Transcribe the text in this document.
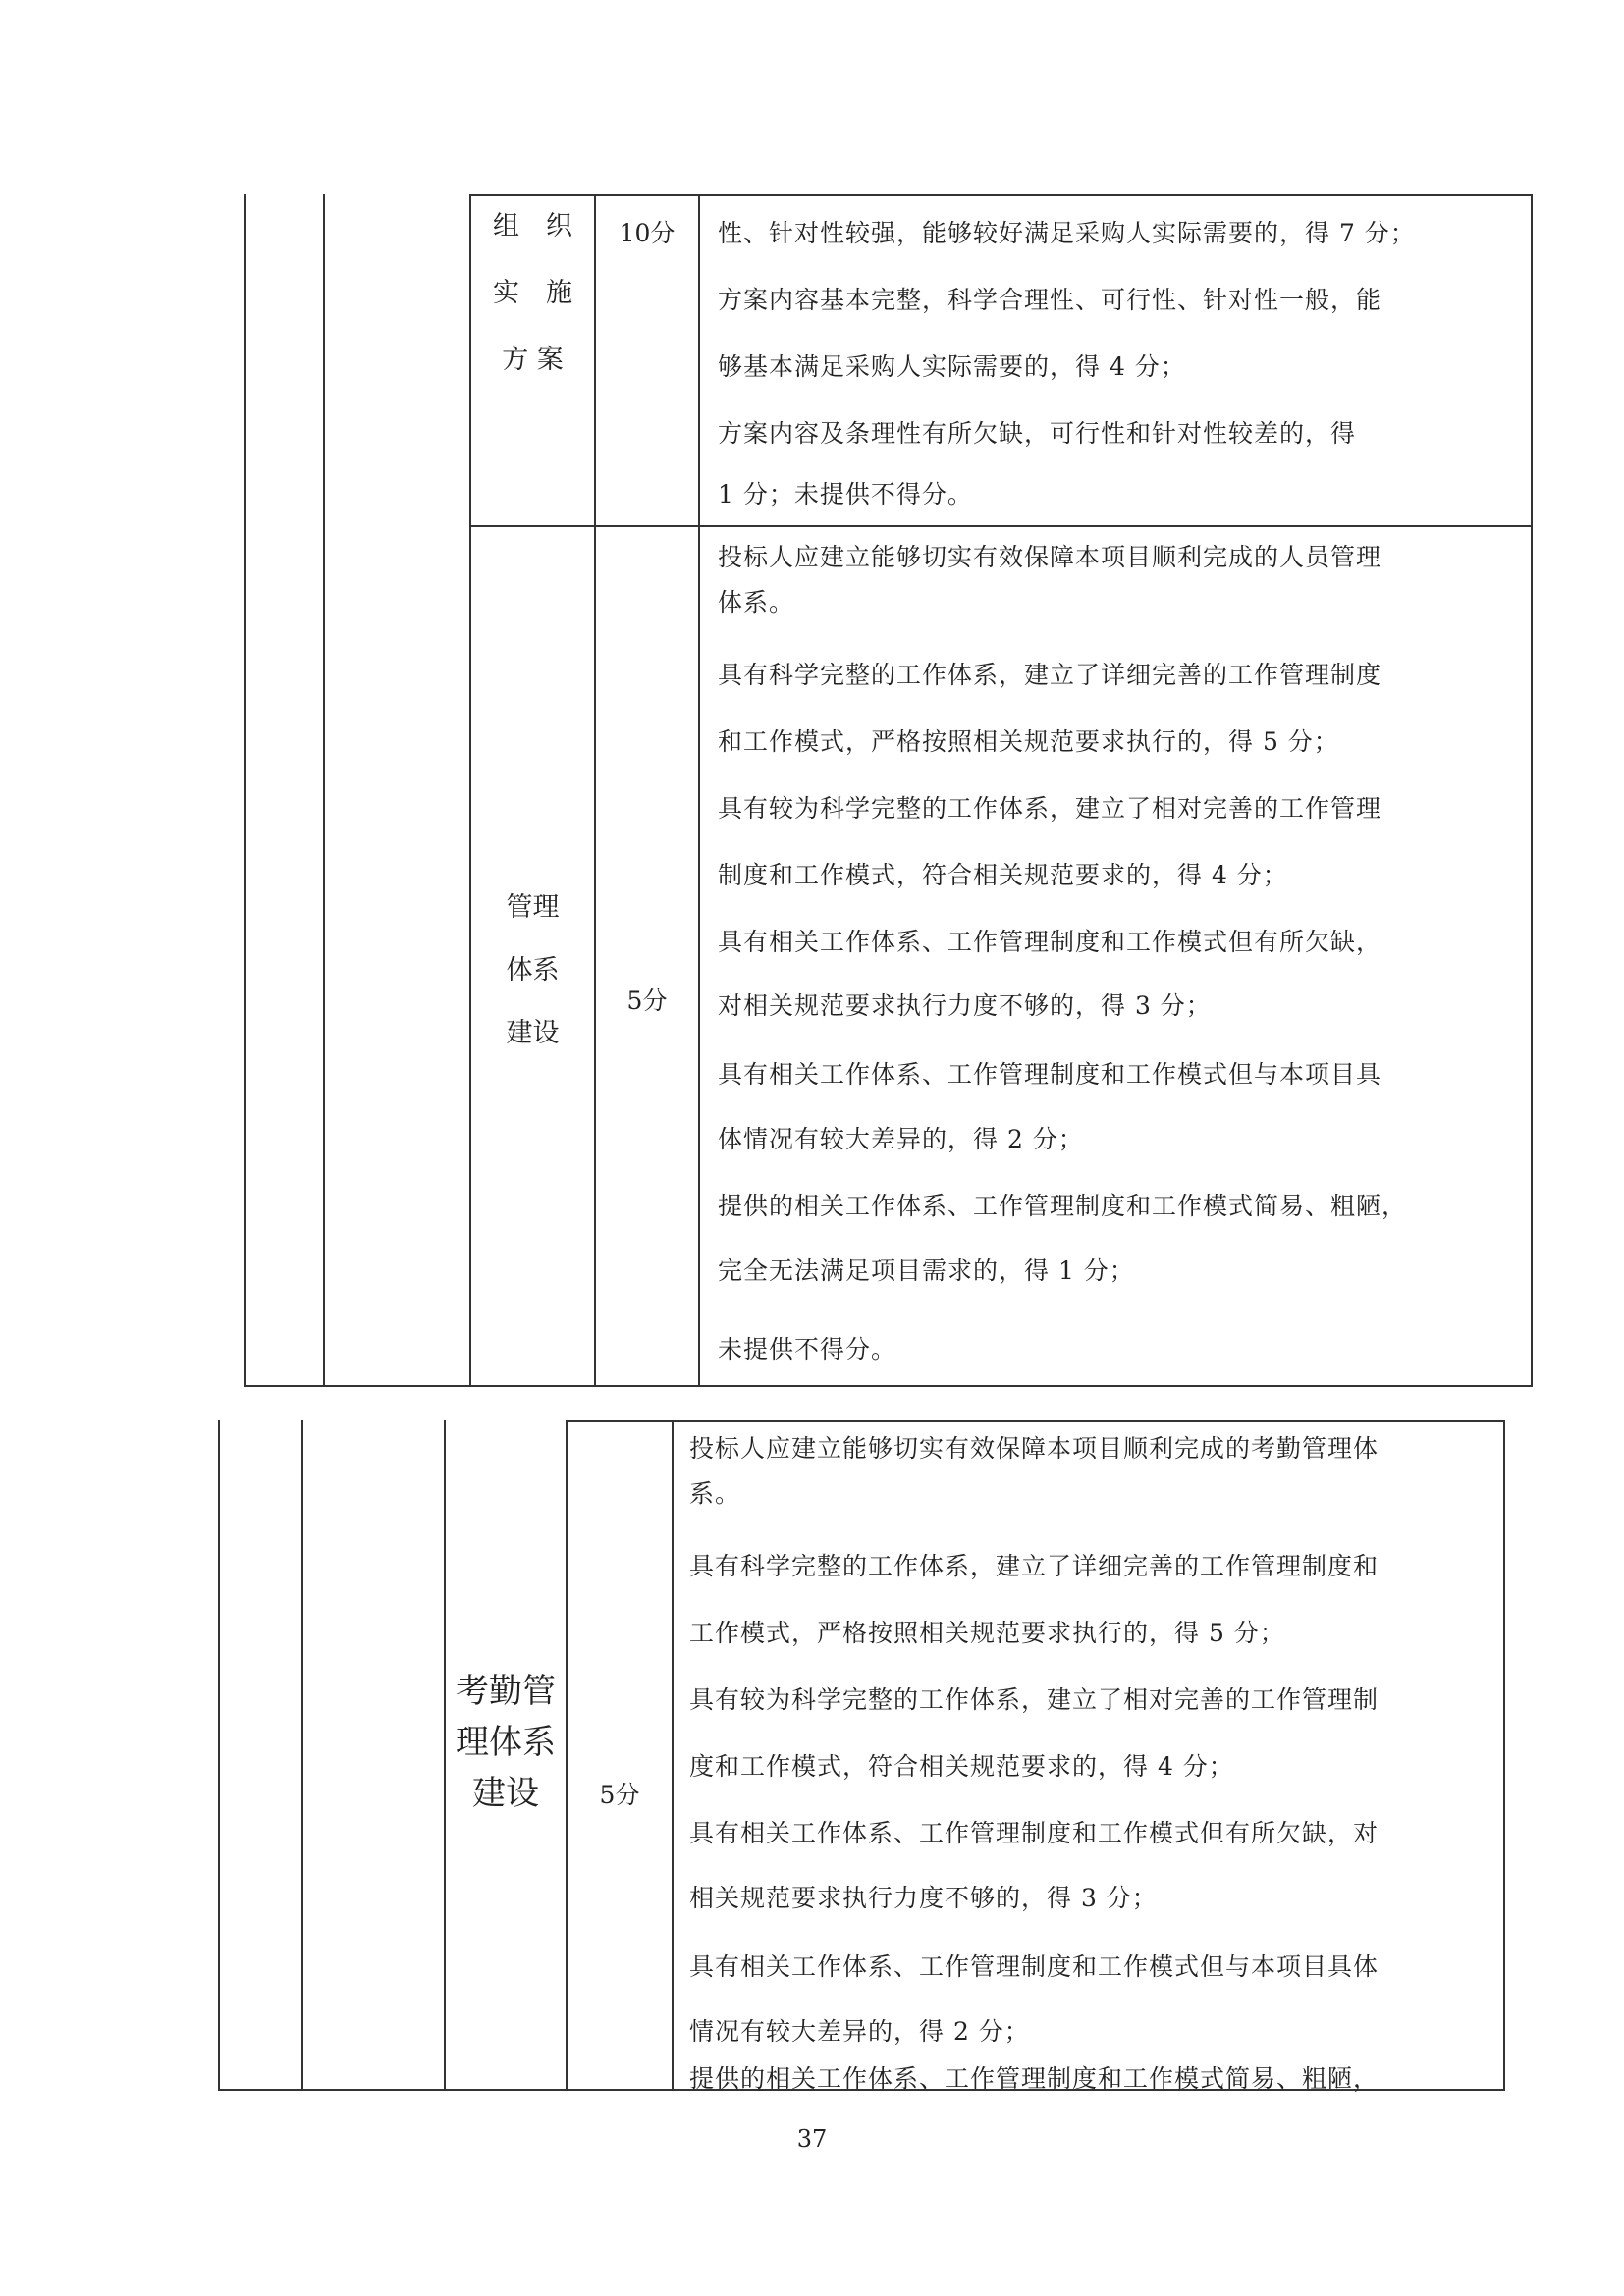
组　织
实　施
方 案
10分	性、针对性较强，能够较好满足采购人实际需要的，得 7 分；
方案内容基本完整，科学合理性、可行性、针对性一般，能
够基本满足采购人实际需要的，得 4 分；
方案内容及条理性有所欠缺，可行性和针对性较差的，得
1 分；未提供不得分。
管理
体系
建设
5分
投标人应建立能够切实有效保障本项目顺利完成的人员管理
体系。
具有科学完整的工作体系，建立了详细完善的工作管理制度
和工作模式，严格按照相关规范要求执行的，得 5 分；
具有较为科学完整的工作体系，建立了相对完善的工作管理
制度和工作模式，符合相关规范要求的，得 4 分；
具有相关工作体系、工作管理制度和工作模式但有所欠缺，
对相关规范要求执行力度不够的，得 3 分；
具有相关工作体系、工作管理制度和工作模式但与本项目具
体情况有较大差异的，得 2 分；
提供的相关工作体系、工作管理制度和工作模式简易、粗陋，
完全无法满足项目需求的，得 1 分；
未提供不得分。
考勤管
理体系
建设	5分
投标人应建立能够切实有效保障本项目顺利完成的考勤管理体
系。
具有科学完整的工作体系，建立了详细完善的工作管理制度和
工作模式，严格按照相关规范要求执行的，得 5 分；
具有较为科学完整的工作体系，建立了相对完善的工作管理制
度和工作模式，符合相关规范要求的，得 4 分；
具有相关工作体系、工作管理制度和工作模式但有所欠缺，对
相关规范要求执行力度不够的，得 3 分；
具有相关工作体系、工作管理制度和工作模式但与本项目具体
情况有较大差异的，得 2 分；
提供的相关工作体系、工作管理制度和工作模式简易、粗陋，
37
